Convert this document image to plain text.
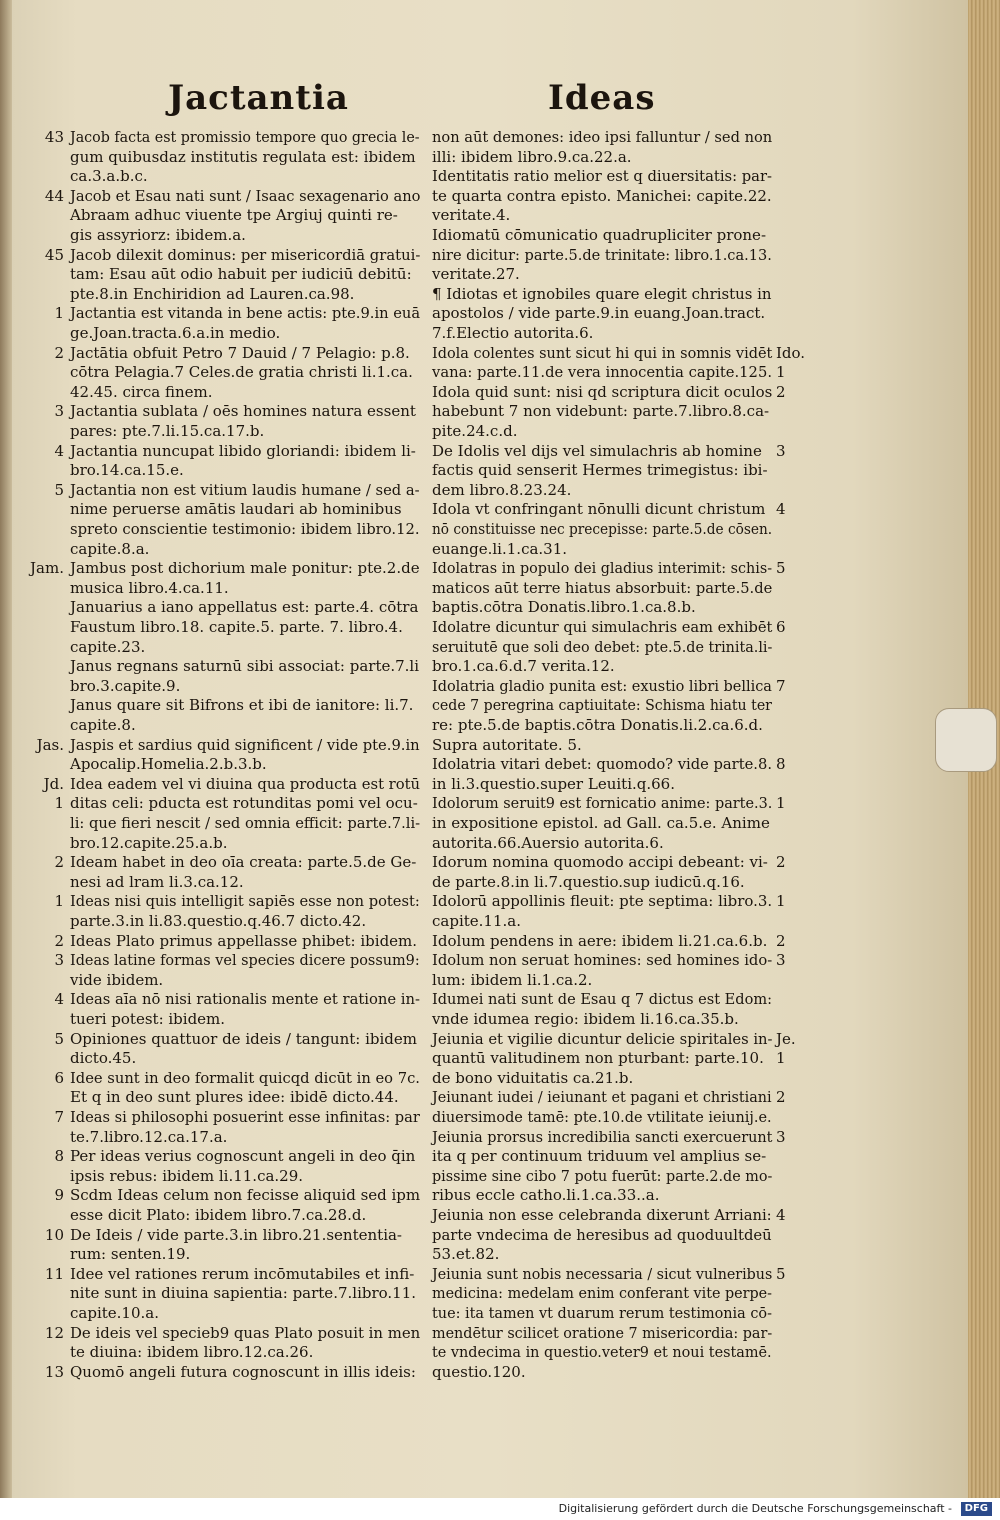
Jactantia	Ideas
Jacob facta est promissio tempore quo grecia le-
gum quibusdaz institutis regulata est: ibidem
ca.3.a.b.c.
Jacob et Esau nati sunt / Isaac sexagenario ano
Abraam adhuc viuente tpe Argiuj quinti re-
gis assyriorz: ibidem.a.
Jacob dilexit dominus: per misericordiā gratui-
tam: Esau aūt odio habuit per iudiciū debitū:
pte.8.in Enchiridion ad Lauren.ca.98.
Jactantia est vitanda in bene actis: pte.9.in euā
ge.Joan.tracta.6.a.in medio.
Jactātia obfuit Petro 7 Dauid / 7 Pelagio: p.8.
cōtra Pelagia.7 Celes.de gratia christi li.1.ca.
42.45. circa finem.
Jactantia sublata / oēs homines natura essent
pares: pte.7.li.15.ca.17.b.
Jactantia nuncupat libido gloriandi: ibidem li-
bro.14.ca.15.e.
Jactantia non est vitium laudis humane / sed a-
nime peruerse amātis laudari ab hominibus
spreto conscientie testimonio: ibidem libro.12.
capite.8.a.
Jambus post dichorium male ponitur: pte.2.de
musica libro.4.ca.11.
Januarius a iano appellatus est: parte.4. cōtra
Faustum libro.18. capite.5. parte. 7. libro.4.
capite.23.
Janus regnans saturnū sibi associat: parte.7.li
bro.3.capite.9.
Janus quare sit Bifrons et ibi de ianitore: li.7.
capite.8.
Jaspis et sardius quid significent / vide pte.9.in
Apocalip.Homelia.2.b.3.b.
Idea eadem vel vi diuina qua producta est rotū
ditas celi: pducta est rotunditas pomi vel ocu-
li: que fieri nescit / sed omnia efficit: parte.7.li-
bro.12.capite.25.a.b.
Ideam habet in deo oīa creata: parte.5.de Ge-
nesi ad lram li.3.ca.12.
Ideas nisi quis intelligit sapiēs esse non potest:
parte.3.in li.83.questio.q.46.7 dicto.42.
Ideas Plato primus appellasse phibet: ibidem.
Ideas latine formas vel species dicere possum9:
vide ibidem.
Ideas aīa nō nisi rationalis mente et ratione in-
tueri potest: ibidem.
Opiniones quattuor de ideis / tangunt: ibidem
dicto.45.
Idee sunt in deo formalit quicqd dicūt in eo 7c.
Et q in deo sunt plures idee: ibidē dicto.44.
Ideas si philosophi posuerint esse infinitas: par
te.7.libro.12.ca.17.a.
Per ideas verius cognoscunt angeli in deo q̄in
ipsis rebus: ibidem li.11.ca.29.
Scdm Ideas celum non fecisse aliquid sed ipm
esse dicit Plato: ibidem libro.7.ca.28.d.
De Ideis / vide parte.3.in libro.21.sententia-
rum: senten.19.
Idee vel rationes rerum incōmutabiles et infi-
nite sunt in diuina sapientia: parte.7.libro.11.
capite.10.a.
De ideis vel specieb9 quas Plato posuit in men
te diuina: ibidem libro.12.ca.26.
Quomō angeli futura cognoscunt in illis ideis:
non aūt demones: ideo ipsi falluntur / sed non
illi: ibidem libro.9.ca.22.a.
Identitatis ratio melior est q diuersitatis: par-
te quarta contra episto. Manichei: capite.22.
veritate.4.
Idiomatū cōmunicatio quadrupliciter prone-
nire dicitur: parte.5.de trinitate: libro.1.ca.13.
veritate.27.
¶ Idiotas et ignobiles quare elegit christus in
apostolos / vide parte.9.in euang.Joan.tract.
7.f.Electio autorita.6.
Idola colentes sunt sicut hi qui in somnis vidēt
vana: parte.11.de vera innocentia capite.125.
Idola quid sunt: nisi qd scriptura dicit oculos
habebunt 7 non videbunt: parte.7.libro.8.ca-
pite.24.c.d.
De Idolis vel dijs vel simulachris ab homine
factis quid senserit Hermes trimegistus: ibi-
dem libro.8.23.24.
Idola vt confringant nōnulli dicunt christum
nō constituisse nec precepisse: parte.5.de cōsen.
euange.li.1.ca.31.
Idolatras in populo dei gladius interimit: schis-
maticos aūt terre hiatus absorbuit: parte.5.de
baptis.cōtra Donatis.libro.1.ca.8.b.
Idolatre dicuntur qui simulachris eam exhibēt
seruitutē que soli deo debet: pte.5.de trinita.li-
bro.1.ca.6.d.7 verita.12.
Idolatria gladio punita est: exustio libri bellica
cede 7 peregrina captiuitate: Schisma hiatu ter
re: pte.5.de baptis.cōtra Donatis.li.2.ca.6.d.
Supra autoritate. 5.
Idolatria vitari debet: quomodo? vide parte.8.
in li.3.questio.super Leuiti.q.66.
Idolorum seruit9 est fornicatio anime: parte.3.
in expositione epistol. ad Gall. ca.5.e. Anime
autorita.66.Auersio autorita.6.
Idorum nomina quomodo accipi debeant: vi-
de parte.8.in li.7.questio.sup iudicū.q.16.
Idolorū appollinis fleuit: pte septima: libro.3.
capite.11.a.
Idolum pendens in aere: ibidem li.21.ca.6.b.
Idolum non seruat homines: sed homines ido-
lum: ibidem li.1.ca.2.
Idumei nati sunt de Esau q 7 dictus est Edom:
vnde idumea regio: ibidem li.16.ca.35.b.
Jeiunia et vigilie dicuntur delicie spiritales in-
quantū valitudinem non pturbant: parte.10.
de bono viduitatis ca.21.b.
Jeiunant iudei / ieiunant et pagani et christiani
diuersimode tamē: pte.10.de vtilitate ieiunij.e.
Jeiunia prorsus incredibilia sancti exercuerunt
ita q per continuum triduum vel amplius se-
pissime sine cibo 7 potu fuerūt: parte.2.de mo-
ribus eccle catho.li.1.ca.33..a.
Jeiunia non esse celebranda dixerunt Arriani:
parte vndecima de heresibus ad quoduultdeū
53.et.82.
Jeiunia sunt nobis necessaria / sicut vulneribus
medicina: medelam enim conferant vite perpe-
tue: ita tamen vt duarum rerum testimonia cō-
mendētur scilicet oratione 7 misericordia: par-
te vndecima in questio.veter9 et noui testamē.
questio.120.
43
44
45
1
2
3
4
5
Jam.
Jas.
Jd.
1
2
1
2
3
4
5
6
7
8
9
10
11
12
13
Ido.
1
2
3
4
5
6
7
8
1
2
1
2
3
Je.
1
2
3
4
5
Digitalisierung gefördert durch die Deutsche Forschungsgemeinschaft -	DFG
